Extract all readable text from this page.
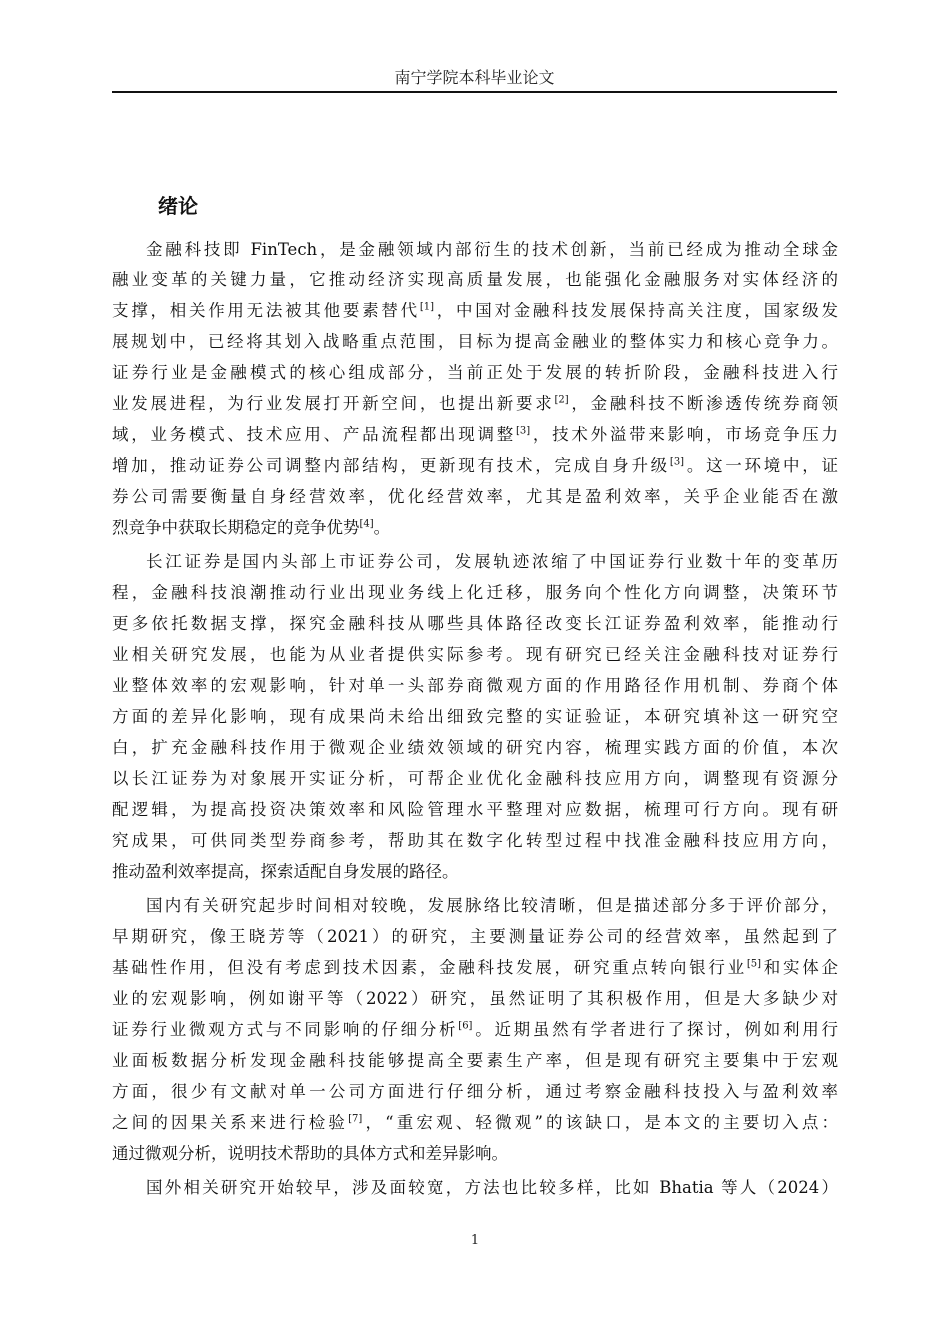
南宁学院本科毕业论文
绪论
金融科技即 FinTech，是金融领域内部衍生的技术创新，当前已经成为推动全球金
融业变革的关键力量，它推动经济实现高质量发展，也能强化金融服务对实体经济的
支撑，相关作用无法被其他要素替代[1]，中国对金融科技发展保持高关注度，国家级发
展规划中，已经将其划入战略重点范围，目标为提高金融业的整体实力和核心竞争力。
证券行业是金融模式的核心组成部分，当前正处于发展的转折阶段，金融科技进入行
业发展进程，为行业发展打开新空间，也提出新要求[2]，金融科技不断渗透传统券商领
域，业务模式、技术应用、产品流程都出现调整[3]，技术外溢带来影响，市场竞争压力
增加，推动证券公司调整内部结构，更新现有技术，完成自身升级[3]。这一环境中，证
券公司需要衡量自身经营效率，优化经营效率，尤其是盈利效率，关乎企业能否在激
烈竞争中获取长期稳定的竞争优势[4]。
长江证券是国内头部上市证券公司，发展轨迹浓缩了中国证券行业数十年的变革历
程，金融科技浪潮推动行业出现业务线上化迁移，服务向个性化方向调整，决策环节
更多依托数据支撑，探究金融科技从哪些具体路径改变长江证券盈利效率，能推动行
业相关研究发展，也能为从业者提供实际参考。现有研究已经关注金融科技对证券行
业整体效率的宏观影响，针对单一头部券商微观方面的作用路径作用机制、券商个体
方面的差异化影响，现有成果尚未给出细致完整的实证验证，本研究填补这一研究空
白，扩充金融科技作用于微观企业绩效领域的研究内容，梳理实践方面的价值，本次
以长江证券为对象展开实证分析，可帮企业优化金融科技应用方向，调整现有资源分
配逻辑，为提高投资决策效率和风险管理水平整理对应数据，梳理可行方向。现有研
究成果，可供同类型券商参考，帮助其在数字化转型过程中找准金融科技应用方向，
推动盈利效率提高，探索适配自身发展的路径。
国内有关研究起步时间相对较晚，发展脉络比较清晰，但是描述部分多于评价部分，
早期研究，像王晓芳等（2021）的研究，主要测量证券公司的经营效率，虽然起到了
基础性作用，但没有考虑到技术因素，金融科技发展，研究重点转向银行业[5]和实体企
业的宏观影响，例如谢平等（2022）研究，虽然证明了其积极作用，但是大多缺少对
证券行业微观方式与不同影响的仔细分析[6]。近期虽然有学者进行了探讨，例如利用行
业面板数据分析发现金融科技能够提高全要素生产率，但是现有研究主要集中于宏观
方面，很少有文献对单一公司方面进行仔细分析，通过考察金融科技投入与盈利效率
之间的因果关系来进行检验[7]，“重宏观、轻微观”的该缺口，是本文的主要切入点：
通过微观分析，说明技术帮助的具体方式和差异影响。
国外相关研究开始较早，涉及面较宽，方法也比较多样，比如 Bhatia 等人（2024）
1
